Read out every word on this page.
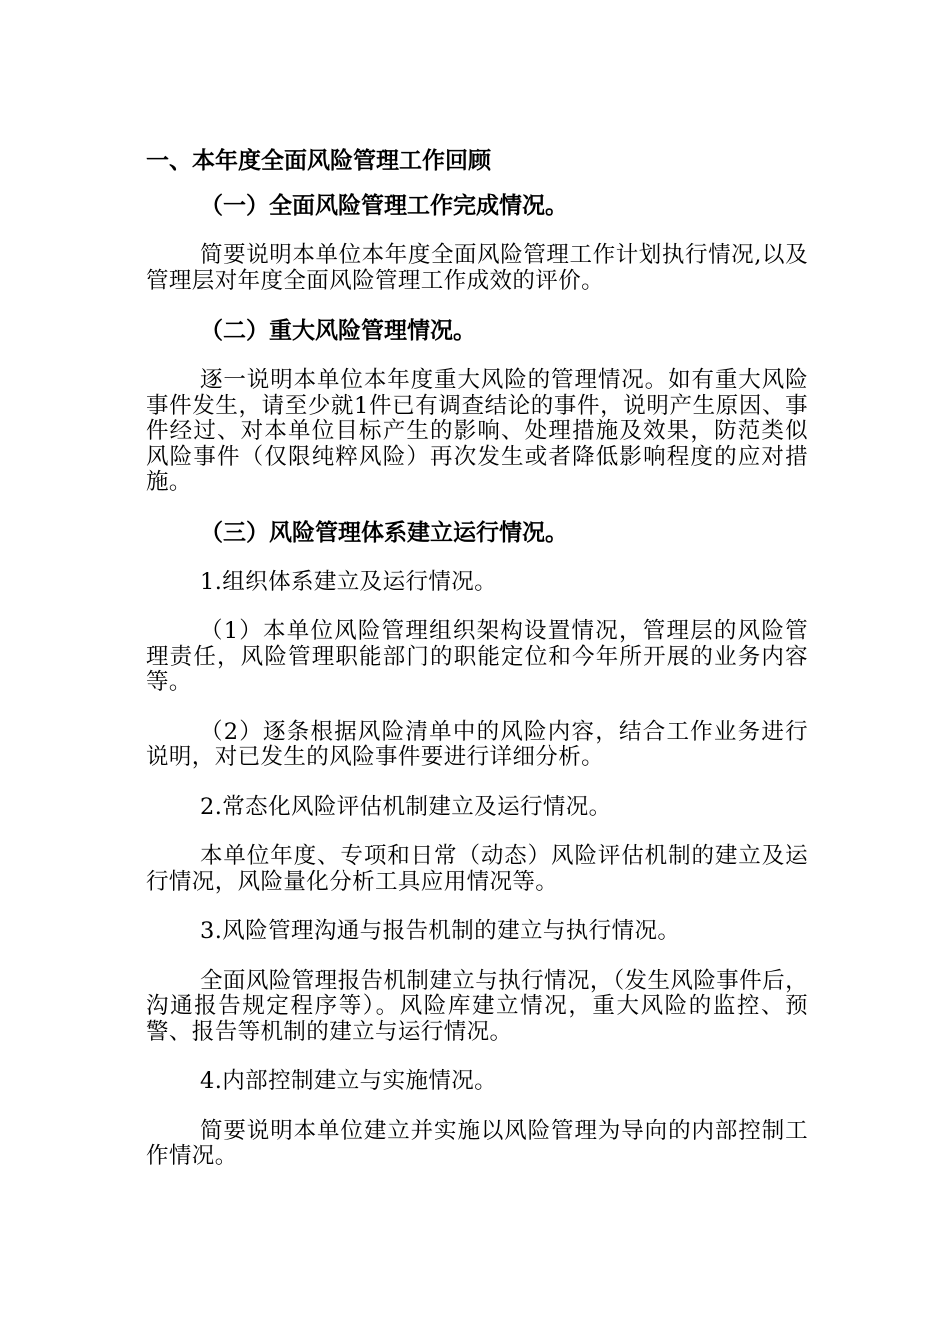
一、本年度全面风险管理工作回顾
（一）全面风险管理工作完成情况。
简要说明本单位本年度全面风险管理工作计划执行情况,以及管理层对年度全面风险管理工作成效的评价。
（二）重大风险管理情况。
逐一说明本单位本年度重大风险的管理情况。如有重大风险事件发生，请至少就1件已有调查结论的事件，说明产生原因、事件经过、对本单位目标产生的影响、处理措施及效果，防范类似风险事件（仅限纯粹风险）再次发生或者降低影响程度的应对措施。
（三）风险管理体系建立运行情况。
1.组织体系建立及运行情况。
（1）本单位风险管理组织架构设置情况，管理层的风险管理责任，风险管理职能部门的职能定位和今年所开展的业务内容等。
（2）逐条根据风险清单中的风险内容，结合工作业务进行说明，对已发生的风险事件要进行详细分析。
2.常态化风险评估机制建立及运行情况。
本单位年度、专项和日常（动态）风险评估机制的建立及运行情况，风险量化分析工具应用情况等。
3.风险管理沟通与报告机制的建立与执行情况。
全面风险管理报告机制建立与执行情况，（发生风险事件后，沟通报告规定程序等）。风险库建立情况，重大风险的监控、预警、报告等机制的建立与运行情况。
4.内部控制建立与实施情况。
简要说明本单位建立并实施以风险管理为导向的内部控制工作情况。
